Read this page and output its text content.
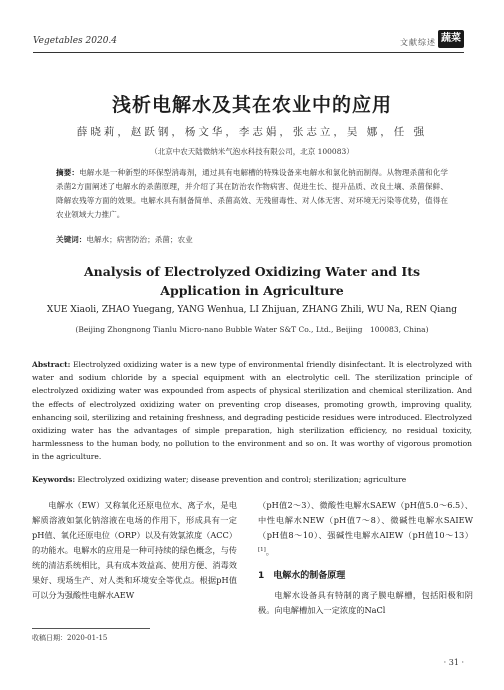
Vegetables 2020.4	文献综述 蔬菜
浅析电解水及其在农业中的应用
薛晓莉，赵跃钢，杨文华，李志娟，张志立，吴 娜，任 强
（北京中农天陆微纳米气泡水科技有限公司，北京 100083）
摘要：电解水是一种新型的环保型消毒剂，通过具有电解槽的特殊设备来电解水和氯化钠而制得。从物理杀菌和化学杀菌2方面阐述了电解水的杀菌原理，并介绍了其在防治农作物病害、促进生长、提升品质、改良土壤、杀菌保鲜、降解农残等方面的效果。电解水具有制备简单、杀菌高效、无残留毒性、对人体无害、对环境无污染等优势，值得在农业领域大力推广。
关键词：电解水；病害防治；杀菌；农业
Analysis of Electrolyzed Oxidizing Water and Its
Application in Agriculture
XUE Xiaoli, ZHAO Yuegang, YANG Wenhua, LI Zhijuan, ZHANG Zhili, WU Na, REN Qiang
(Beijing Zhongnong Tianlu Micro-nano Bubble Water S&T Co., Ltd., Beijing　100083, China)
Abstract: Electrolyzed oxidizing water is a new type of environmental friendly disinfectant. It is electrolyzed with water and sodium chloride by a special equipment with an electrolytic cell. The sterilization principle of electrolyzed oxidizing water was expounded from aspects of physical sterilization and chemical sterilization. And the effects of electrolyzed oxidizing water on preventing crop diseases, promoting growth, improving quality, enhancing soil, sterilizing and retaining freshness, and degrading pesticide residues were introduced. Electrolyzed oxidizing water has the advantages of simple preparation, high sterilization efficiency, no residual toxicity, harmlessness to the human body, no pollution to the environment and so on. It was worthy of vigorous promotion in the agriculture.
Keywords: Electrolyzed oxidizing water; disease prevention and control; sterilization; agriculture
电解水（EW）又称氧化还原电位水、离子水，是电解质溶液如氯化钠溶液在电场的作用下，形成具有一定pH值、氧化还原电位（ORP）以及有效氯浓度（ACC）的功能水。电解水的应用是一种可持续的绿色概念，与传统的清洁系统相比，具有成本效益高、使用方便、消毒效果好、现场生产、对人类和环境安全等优点。根据pH值可以分为强酸性电解水AEW
（pH值2～3）、微酸性电解水SAEW（pH值5.0～6.5）、中性电解水NEW（pH值7～8）、微碱性电解水SAIEW（pH值8～10）、强碱性电解水AIEW（pH值10～13）[1]。
1　电解水的制备原理
电解水设备具有特制的离子膜电解槽，包括阳极和阴极。向电解槽加入一定浓度的NaCl
收稿日期：2020-01-15
· 31 ·
